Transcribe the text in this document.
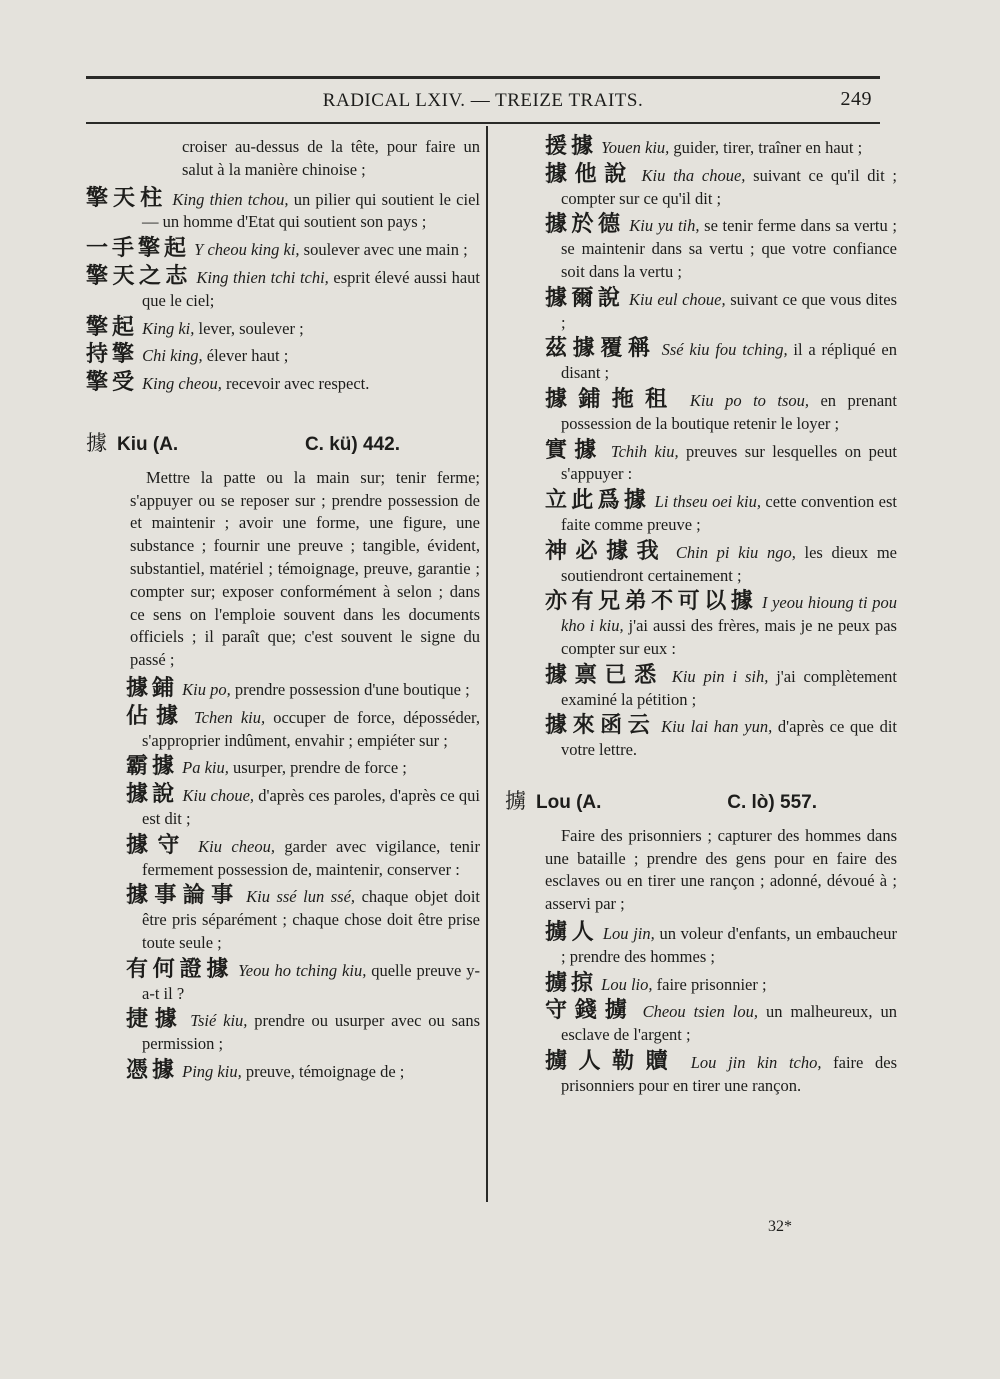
RADICAL LXIV. — TREIZE TRAITS.	249
croiser au-dessus de la tête, pour faire un salut à la manière chinoise ;
擎天柱 King thien tchou, un pilier qui soutient le ciel — un homme d'Etat qui soutient son pays ;
一手擎起 Y cheou king ki, soulever avec une main ;
擎天之志 King thien tchi tchi, esprit élevé aussi haut que le ciel;
擎起 King ki, lever, soulever ;
持擎 Chi king, élever haut ;
擎受 King cheou, recevoir avec respect.
據 Kiu (A.	C. kü) 442.
Mettre la patte ou la main sur; tenir ferme; s'appuyer ou se reposer sur ; prendre possession de et maintenir ; avoir une forme, une figure, une substance ; fournir une preuve ; tangible, évident, substantiel, matériel ; témoignage, preuve, garantie ; compter sur; exposer conformément à selon ; dans ce sens on l'emploie souvent dans les documents officiels ; il paraît que; c'est souvent le signe du passé ;
據鋪 Kiu po, prendre possession d'une boutique ;
佔據 Tchen kiu, occuper de force, déposséder, s'approprier indûment, envahir ; empiéter sur ;
霸據 Pa kiu, usurper, prendre de force ;
據說 Kiu choue, d'après ces paroles, d'après ce qui est dit ;
據守 Kiu cheou, garder avec vigilance, tenir fermement possession de, maintenir, conserver :
據事論事 Kiu ssé lun ssé, chaque objet doit être pris séparément ; chaque chose doit être prise toute seule ;
有何證據 Yeou ho tching kiu, quelle preuve y-a-t il ?
捷據 Tsié kiu, prendre ou usurper avec ou sans permission ;
憑據 Ping kiu, preuve, témoignage de ;
援據 Youen kiu, guider, tirer, traîner en haut ;
據他說 Kiu tha choue, suivant ce qu'il dit ; compter sur ce qu'il dit ;
據於德 Kiu yu tih, se tenir ferme dans sa vertu ; se maintenir dans sa vertu ; que votre confiance soit dans la vertu ;
據爾說 Kiu eul choue, suivant ce que vous dites ;
茲據覆稱 Ssé kiu fou tching, il a répliqué en disant ;
據鋪拖租 Kiu po to tsou, en prenant possession de la boutique retenir le loyer ;
實據 Tchih kiu, preuves sur lesquelles on peut s'appuyer :
立此爲據 Li thseu oei kiu, cette convention est faite comme preuve ;
神必據我 Chin pi kiu ngo, les dieux me soutiendront certainement ;
亦有兄弟不可以據 I yeou hioung ti pou kho i kiu, j'ai aussi des frères, mais je ne peux pas compter sur eux :
據禀已悉 Kiu pin i sih, j'ai complètement examiné la pétition ;
據來函云 Kiu lai han yun, d'après ce que dit votre lettre.
擄 Lou (A.	C. lò) 557.
Faire des prisonniers ; capturer des hommes dans une bataille ; prendre des gens pour en faire des esclaves ou en tirer une rançon ; adonné, dévoué à ; asservi par ;
擄人 Lou jin, un voleur d'enfants, un embaucheur ; prendre des hommes ;
擄掠 Lou lio, faire prisonnier ;
守錢擄 Cheou tsien lou, un malheureux, un esclave de l'argent ;
擄人勒贖 Lou jin kin tcho, faire des prisonniers pour en tirer une rançon.
32*
